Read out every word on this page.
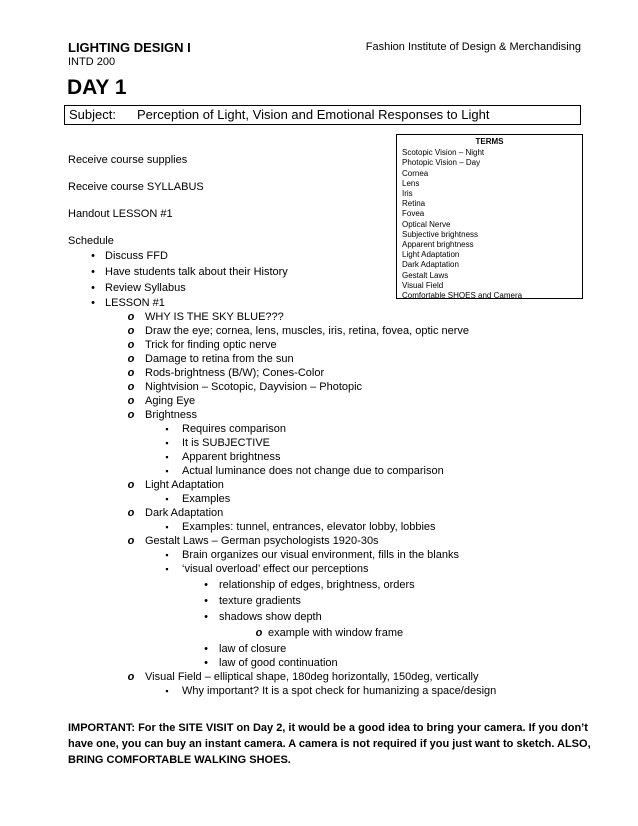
LIGHTING DESIGN I
INTD 200
Fashion Institute of Design & Merchandising
DAY 1
Subject: Perception of Light, Vision and Emotional Responses to Light
TERMS
Scotopic Vision – Night
Photopic Vision – Day
Cornea
Lens
Iris
Retina
Fovea
Optical Nerve
Subjective brightness
Apparent brightness
Light Adaptation
Dark Adaptation
Gestalt Laws
Visual Field
Comfortable SHOES and Camera
Receive course supplies
Receive course SYLLABUS
Handout LESSON #1
Schedule
• Discuss FFD
• Have students talk about their History
• Review Syllabus
• LESSON #1
o WHY IS THE SKY BLUE???
o Draw the eye; cornea, lens, muscles, iris, retina, fovea, optic nerve
o Trick for finding optic nerve
o Damage to retina from the sun
o Rods-brightness (B/W); Cones-Color
o Nightvision – Scotopic, Dayvision – Photopic
o Aging Eye
o Brightness
▪	Requires comparison
▪	It is SUBJECTIVE
▪	Apparent brightness
▪	Actual luminance does not change due to comparison
o Light Adaptation
▪	Examples
o Dark Adaptation
▪	Examples: tunnel, entrances, elevator lobby, lobbies
o Gestalt Laws – German psychologists 1920-30s
▪	Brain organizes our visual environment, fills in the blanks
▪	‘visual overload’ effect our perceptions
• relationship of edges, brightness, orders
• texture gradients
• shadows show depth
o example with window frame
• law of closure
• law of good continuation
o Visual Field – elliptical shape, 180deg horizontally, 150deg, vertically
▪	Why important? It is a spot check for humanizing a space/design
IMPORTANT: For the SITE VISIT on Day 2, it would be a good idea to bring your camera. If you don’t have one, you can buy an instant camera. A camera is not required if you just want to sketch. ALSO, BRING COMFORTABLE WALKING SHOES.
